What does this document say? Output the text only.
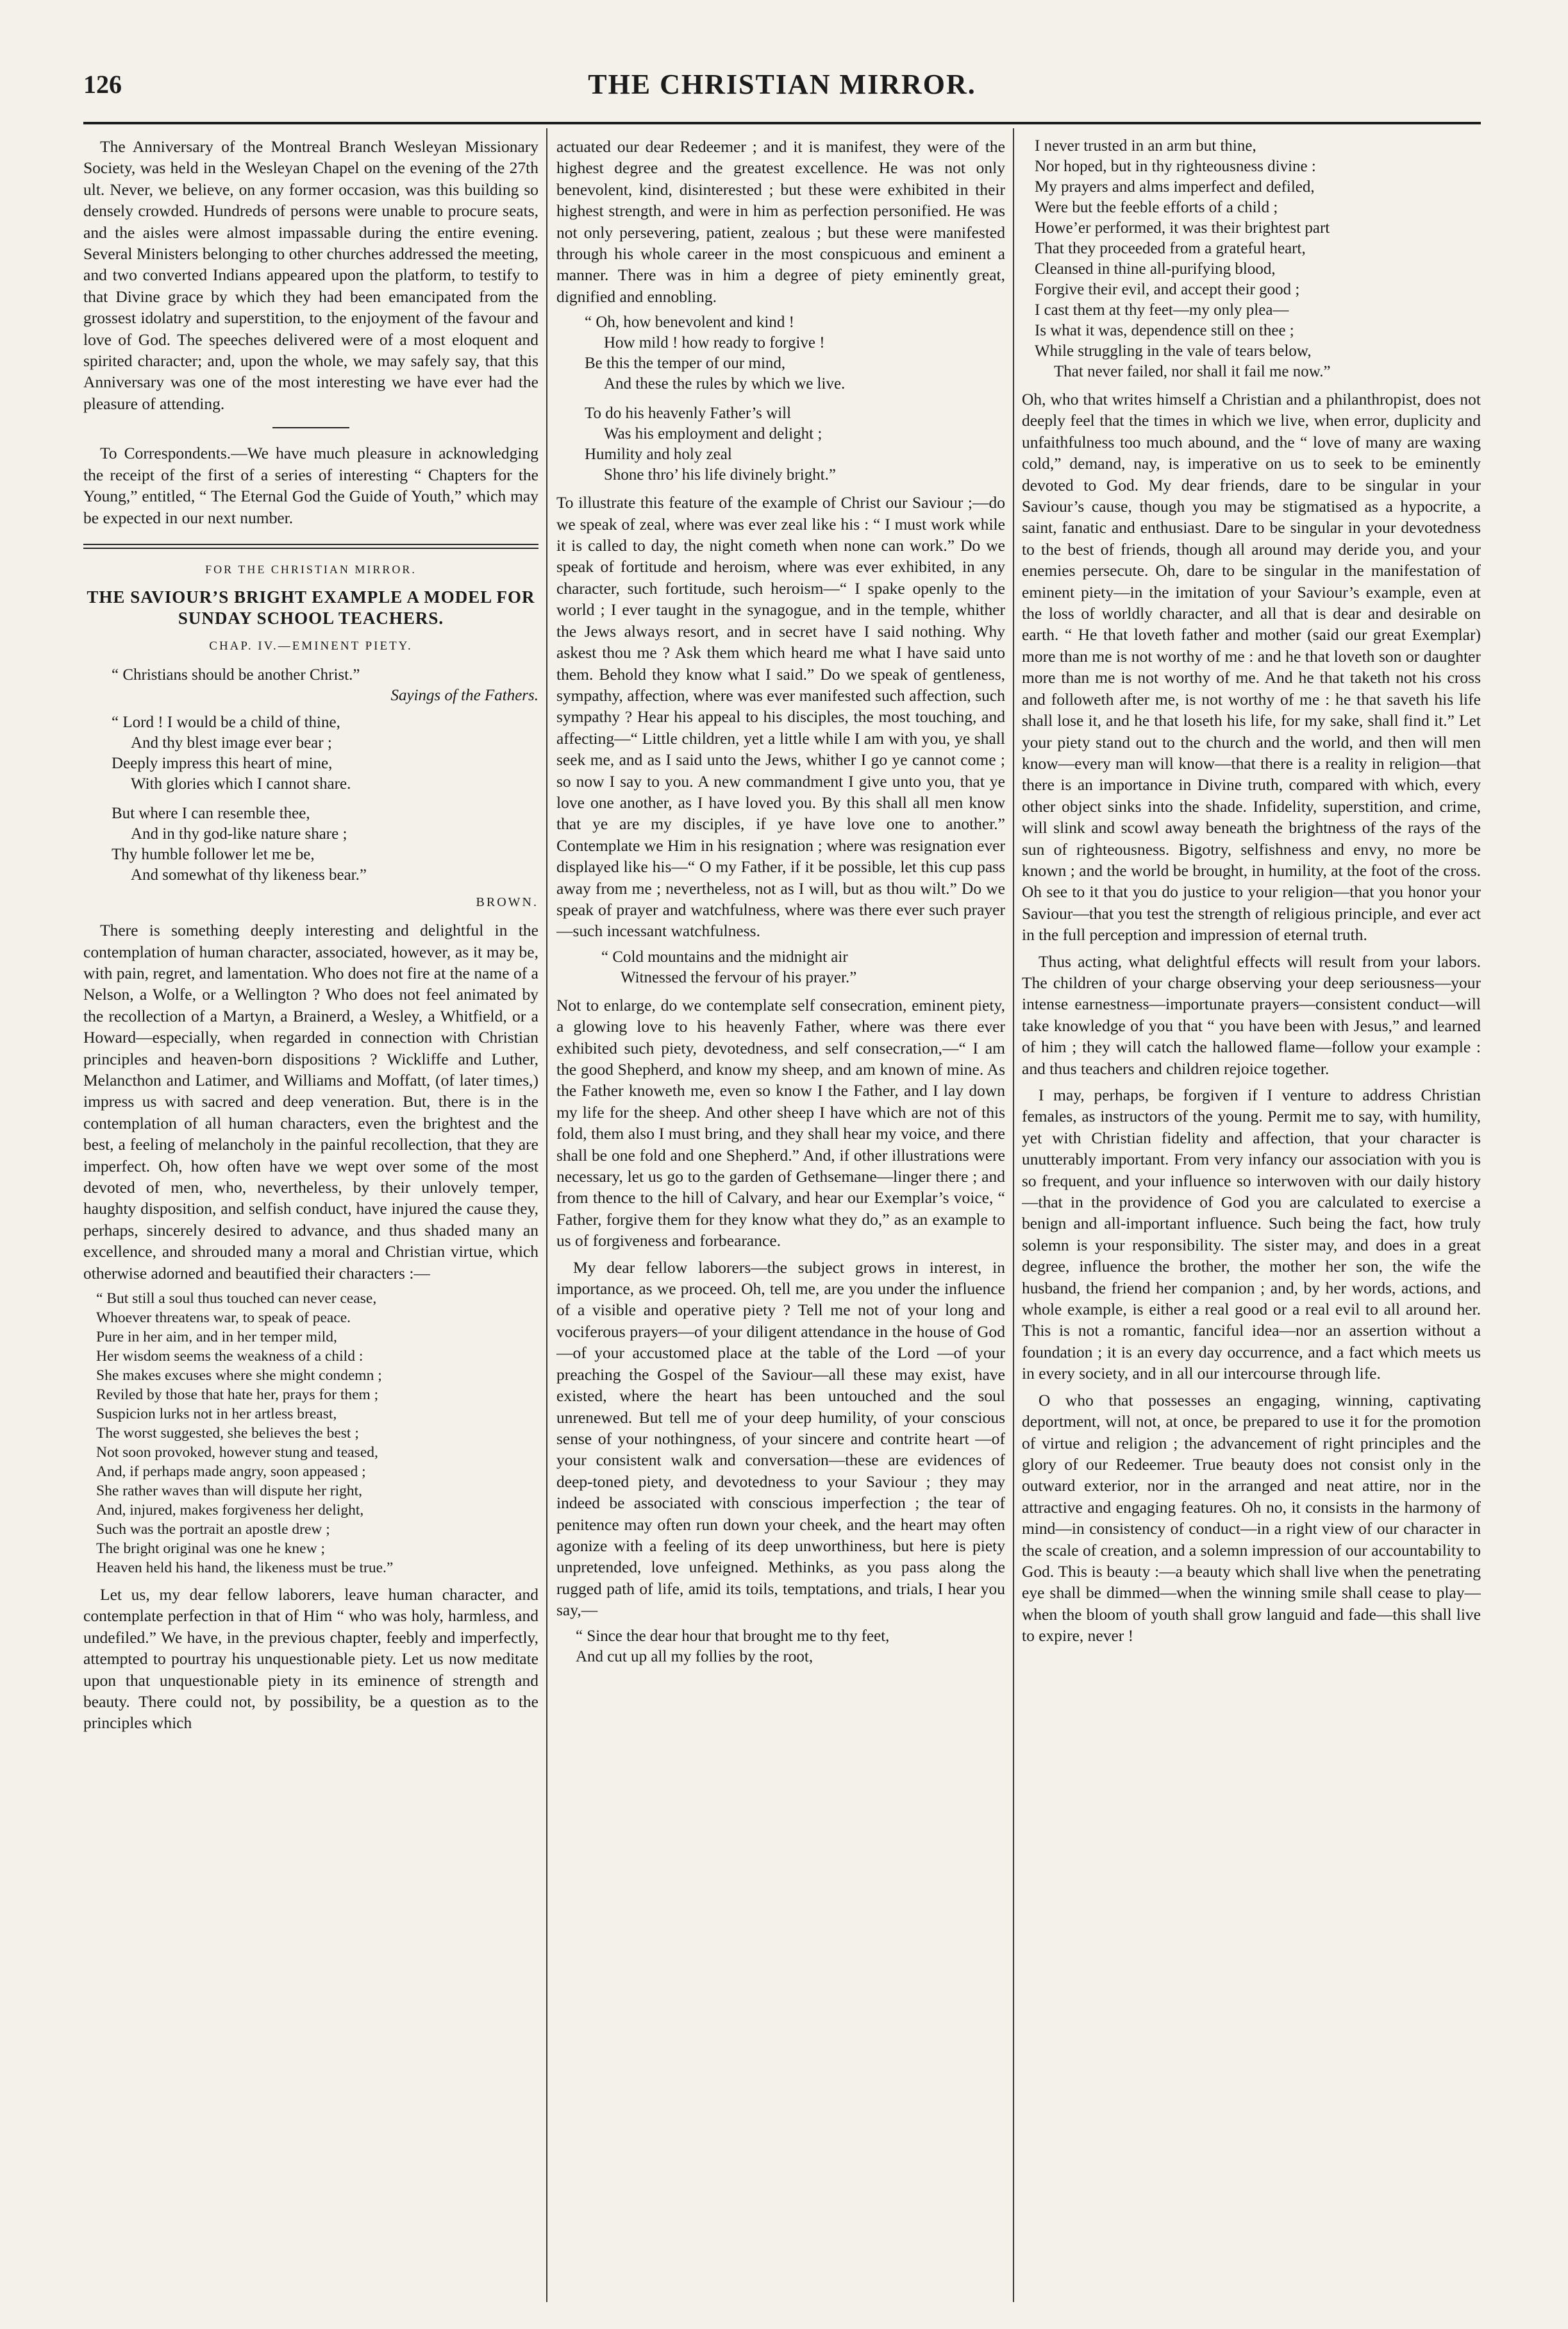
126	THE CHRISTIAN MIRROR.

The Anniversary of the Montreal Branch Wesleyan Missionary Society, was held in the Wesleyan Chapel on the evening of the 27th ult. Never, we believe, on any former occasion, was this building so densely crowded. Hundreds of persons were unable to procure seats, and the aisles were almost impassable during the entire evening. Several Ministers belonging to other churches addressed the meeting, and two converted Indians appeared upon the platform, to testify to that Divine grace by which they had been emancipated from the grossest idolatry and superstition, to the enjoyment of the favour and love of God. The speeches delivered were of a most eloquent and spirited character; and, upon the whole, we may safely say, that this Anniversary was one of the most interesting we have ever had the pleasure of attending.

To Correspondents.—We have much pleasure in acknowledging the receipt of the first of a series of interesting “ Chapters for the Young,” entitled, “ The Eternal God the Guide of Youth,” which may be expected in our next number.

FOR THE CHRISTIAN MIRROR.
THE SAVIOUR’S BRIGHT EXAMPLE A MODEL FOR SUNDAY SCHOOL TEACHERS.
CHAP. IV.—EMINENT PIETY.
“ Christians should be another Christ.”
Sayings of the Fathers.
“ Lord ! I would be a child of thine,
And thy blest image ever bear ;
Deeply impress this heart of mine,
With glories which I cannot share.
But where I can resemble thee,
And in thy god-like nature share ;
Thy humble follower let me be,
And somewhat of thy likeness bear.”
BROWN.

There is something deeply interesting and delightful in the contemplation of human character, associated, however, as it may be, with pain, regret, and lamentation. Who does not fire at the name of a Nelson, a Wolfe, or a Wellington ? Who does not feel animated by the recollection of a Martyn, a Brainerd, a Wesley, a Whitfield, or a Howard—especially, when regarded in connection with Christian principles and heaven-born dispositions ? Wickliffe and Luther, Melancthon and Latimer, and Williams and Moffatt, (of later times,) impress us with sacred and deep veneration. But, there is in the contemplation of all human characters, even the brightest and the best, a feeling of melancholy in the painful recollection, that they are imperfect. Oh, how often have we wept over some of the most devoted of men, who, nevertheless, by their unlovely temper, haughty disposition, and selfish conduct, have injured the cause they, perhaps, sincerely desired to advance, and thus shaded many an excellence, and shrouded many a moral and Christian virtue, which otherwise adorned and beautified their characters :—

“ But still a soul thus touched can never cease,
Whoever threatens war, to speak of peace.
Pure in her aim, and in her temper mild,
Her wisdom seems the weakness of a child :
She makes excuses where she might condemn ;
Reviled by those that hate her, prays for them ;
Suspicion lurks not in her artless breast,
The worst suggested, she believes the best ;
Not soon provoked, however stung and teased,
And, if perhaps made angry, soon appeased ;
She rather waves than will dispute her right,
And, injured, makes forgiveness her delight,
Such was the portrait an apostle drew ;
The bright original was one he knew ;
Heaven held his hand, the likeness must be true.”

Let us, my dear fellow laborers, leave human character, and contemplate perfection in that of Him “ who was holy, harmless, and undefiled.” We have, in the previous chapter, feebly and imperfectly, attempted to pourtray his unquestionable piety. Let us now meditate upon that unquestionable piety in its eminence of strength and beauty. There could not, by possibility, be a question as to the principles which

actuated our dear Redeemer ; and it is manifest, they were of the highest degree and the greatest excellence. He was not only benevolent, kind, disinterested ; but these were exhibited in their highest strength, and were in him as perfection personified. He was not only persevering, patient, zealous ; but these were manifested through his whole career in the most conspicuous and eminent a manner. There was in him a degree of piety eminently great, dignified and ennobling.

“ Oh, how benevolent and kind !
How mild ! how ready to forgive !
Be this the temper of our mind,
And these the rules by which we live.
To do his heavenly Father’s will
Was his employment and delight ;
Humility and holy zeal
Shone thro’ his life divinely bright.”

To illustrate this feature of the example of Christ our Saviour ;—do we speak of zeal, where was ever zeal like his : “ I must work while it is called to day, the night cometh when none can work.” Do we speak of fortitude and heroism, where was ever exhibited, in any character, such fortitude, such heroism—“ I spake openly to the world ; I ever taught in the synagogue, and in the temple, whither the Jews always resort, and in secret have I said nothing. Why askest thou me ? Ask them which heard me what I have said unto them. Behold they know what I said.” Do we speak of gentleness, sympathy, affection, where was ever manifested such affection, such sympathy ? Hear his appeal to his disciples, the most touching, and affecting—“ Little children, yet a little while I am with you, ye shall seek me, and as I said unto the Jews, whither I go ye cannot come ; so now I say to you. A new commandment I give unto you, that ye love one another, as I have loved you. By this shall all men know that ye are my disciples, if ye have love one to another.” Contemplate we Him in his resignation ; where was resignation ever displayed like his—“ O my Father, if it be possible, let this cup pass away from me ; nevertheless, not as I will, but as thou wilt.” Do we speak of prayer and watchfulness, where was there ever such prayer—such incessant watchfulness.

“ Cold mountains and the midnight air
Witnessed the fervour of his prayer.”

Not to enlarge, do we contemplate self consecration, eminent piety, a glowing love to his heavenly Father, where was there ever exhibited such piety, devotedness, and self consecration,—“ I am the good Shepherd, and know my sheep, and am known of mine. As the Father knoweth me, even so know I the Father, and I lay down my life for the sheep. And other sheep I have which are not of this fold, them also I must bring, and they shall hear my voice, and there shall be one fold and one Shepherd.” And, if other illustrations were necessary, let us go to the garden of Gethsemane—linger there ; and from thence to the hill of Calvary, and hear our Exemplar’s voice, “ Father, forgive them for they know what they do,” as an example to us of forgiveness and forbearance.

My dear fellow laborers—the subject grows in interest, in importance, as we proceed. Oh, tell me, are you under the influence of a visible and operative piety ? Tell me not of your long and vociferous prayers—of your diligent attendance in the house of God —of your accustomed place at the table of the Lord —of your preaching the Gospel of the Saviour—all these may exist, have existed, where the heart has been untouched and the soul unrenewed. But tell me of your deep humility, of your conscious sense of your nothingness, of your sincere and contrite heart —of your consistent walk and conversation—these are evidences of deep-toned piety, and devotedness to your Saviour ; they may indeed be associated with conscious imperfection ; the tear of penitence may often run down your cheek, and the heart may often agonize with a feeling of its deep unworthiness, but here is piety unpretended, love unfeigned. Methinks, as you pass along the rugged path of life, amid its toils, temptations, and trials, I hear you say,—

“ Since the dear hour that brought me to thy feet,
And cut up all my follies by the root,
I never trusted in an arm but thine,
Nor hoped, but in thy righteousness divine :
My prayers and alms imperfect and defiled,
Were but the feeble efforts of a child ;
Howe’er performed, it was their brightest part
That they proceeded from a grateful heart,
Cleansed in thine all-purifying blood,
Forgive their evil, and accept their good ;
I cast them at thy feet—my only plea—
Is what it was, dependence still on thee ;
While struggling in the vale of tears below,
That never failed, nor shall it fail me now.”

Oh, who that writes himself a Christian and a philanthropist, does not deeply feel that the times in which we live, when error, duplicity and unfaithfulness too much abound, and the “ love of many are waxing cold,” demand, nay, is imperative on us to seek to be eminently devoted to God. My dear friends, dare to be singular in your Saviour’s cause, though you may be stigmatised as a hypocrite, a saint, fanatic and enthusiast. Dare to be singular in your devotedness to the best of friends, though all around may deride you, and your enemies persecute. Oh, dare to be singular in the manifestation of eminent piety—in the imitation of your Saviour’s example, even at the loss of worldly character, and all that is dear and desirable on earth. “ He that loveth father and mother (said our great Exemplar) more than me is not worthy of me : and he that loveth son or daughter more than me is not worthy of me. And he that taketh not his cross and followeth after me, is not worthy of me : he that saveth his life shall lose it, and he that loseth his life, for my sake, shall find it.” Let your piety stand out to the church and the world, and then will men know—every man will know—that there is a reality in religion—that there is an importance in Divine truth, compared with which, every other object sinks into the shade. Infidelity, superstition, and crime, will slink and scowl away beneath the brightness of the rays of the sun of righteousness. Bigotry, selfishness and envy, no more be known ; and the world be brought, in humility, at the foot of the cross. Oh see to it that you do justice to your religion—that you honor your Saviour—that you test the strength of religious principle, and ever act in the full perception and impression of eternal truth.

Thus acting, what delightful effects will result from your labors. The children of your charge observing your deep seriousness—your intense earnestness—importunate prayers—consistent conduct—will take knowledge of you that “ you have been with Jesus,” and learned of him ; they will catch the hallowed flame—follow your example : and thus teachers and children rejoice together.

I may, perhaps, be forgiven if I venture to address Christian females, as instructors of the young. Permit me to say, with humility, yet with Christian fidelity and affection, that your character is unutterably important. From very infancy our association with you is so frequent, and your influence so interwoven with our daily history—that in the providence of God you are calculated to exercise a benign and all-important influence. Such being the fact, how truly solemn is your responsibility. The sister may, and does in a great degree, influence the brother, the mother her son, the wife the husband, the friend her companion ; and, by her words, actions, and whole example, is either a real good or a real evil to all around her. This is not a romantic, fanciful idea—nor an assertion without a foundation ; it is an every day occurrence, and a fact which meets us in every society, and in all our intercourse through life.

O who that possesses an engaging, winning, captivating deportment, will not, at once, be prepared to use it for the promotion of virtue and religion ; the advancement of right principles and the glory of our Redeemer. True beauty does not consist only in the outward exterior, nor in the arranged and neat attire, nor in the attractive and engaging features. Oh no, it consists in the harmony of mind—in consistency of conduct—in a right view of our character in the scale of creation, and a solemn impression of our accountability to God. This is beauty :—a beauty which shall live when the penetrating eye shall be dimmed—when the winning smile shall cease to play—when the bloom of youth shall grow languid and fade—this shall live to expire, never !
